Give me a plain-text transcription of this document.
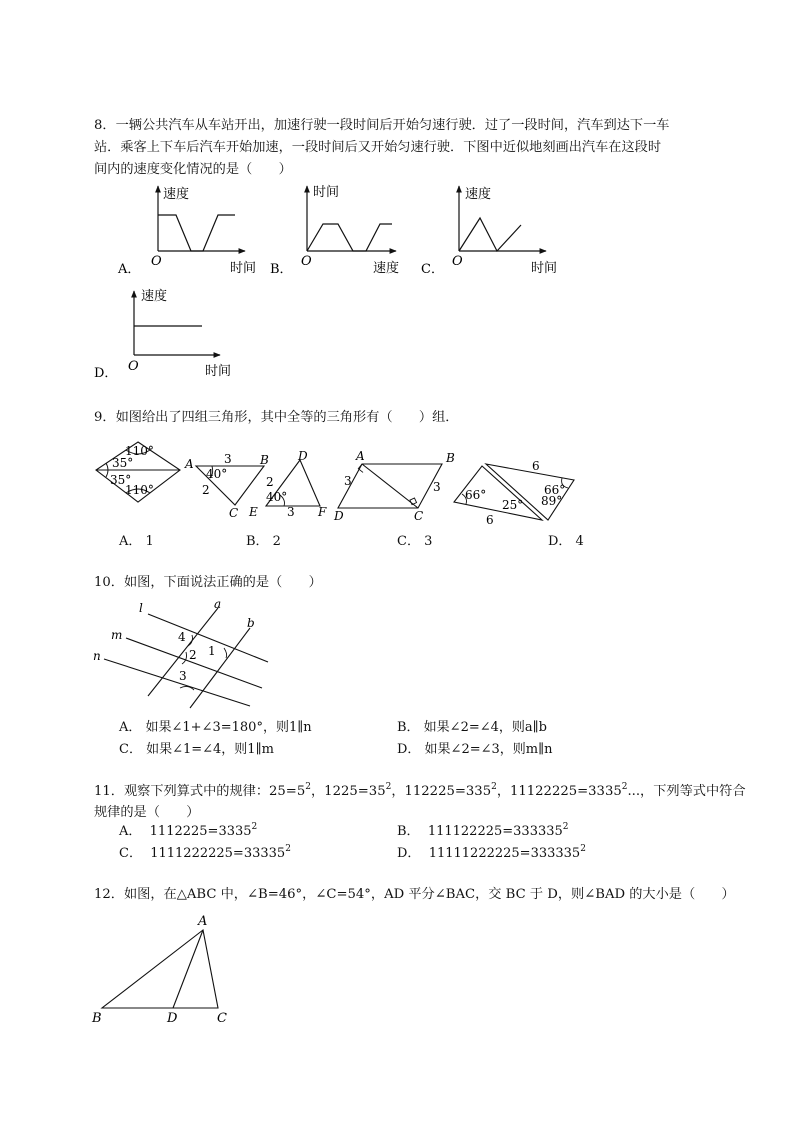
8．一辆公共汽车从车站开出，加速行驶一段时间后开始匀速行驶．过了一段时间，汽车到达下一车
站．乘客上下车后汽车开始加速，一段时间后又开始匀速行驶．下图中近似地刻画出汽车在这段时
间内的速度变化情况的是（　　）
速度
O	时间
A．
时间
O	速度
B．
速度
O	时间
C．
速度
O	时间
D．
9．如图给出了四组三角形，其中全等的三角形有（　　）组．
110°
35°
35°
110°
A	B
C
D
E	F
3
40°
2
2
40°
3
A	B
C
D
3	3
6
6
66°
25°
66°
89°
A． 1	B． 2	C． 3	D． 4
10．如图，下面说法正确的是（　　）
l
m
n
a
b
4
2 1
3
A． 如果∠1+∠3=180°，则1∥n	B． 如果∠2=∠4，则a∥b
C． 如果∠1=∠4，则1∥m	D． 如果∠2=∠3，则m∥n
11．观察下列算式中的规律：$25=5^2$，$1225=35^2$，$112225=335^2$，$11122225=3335^2$...，下列等式中符合
规律的是（　　）
A． $1112225=3335^2$	B． $111122225=333335^2$
C． $1111222225=33335^2$	D． $11111222225=333335^2$
12．如图，在△ABC 中，∠B=46°，∠C=54°，AD 平分∠BAC，交 BC 于 D，则∠BAD 的大小是（　　）
A
B	D	C
